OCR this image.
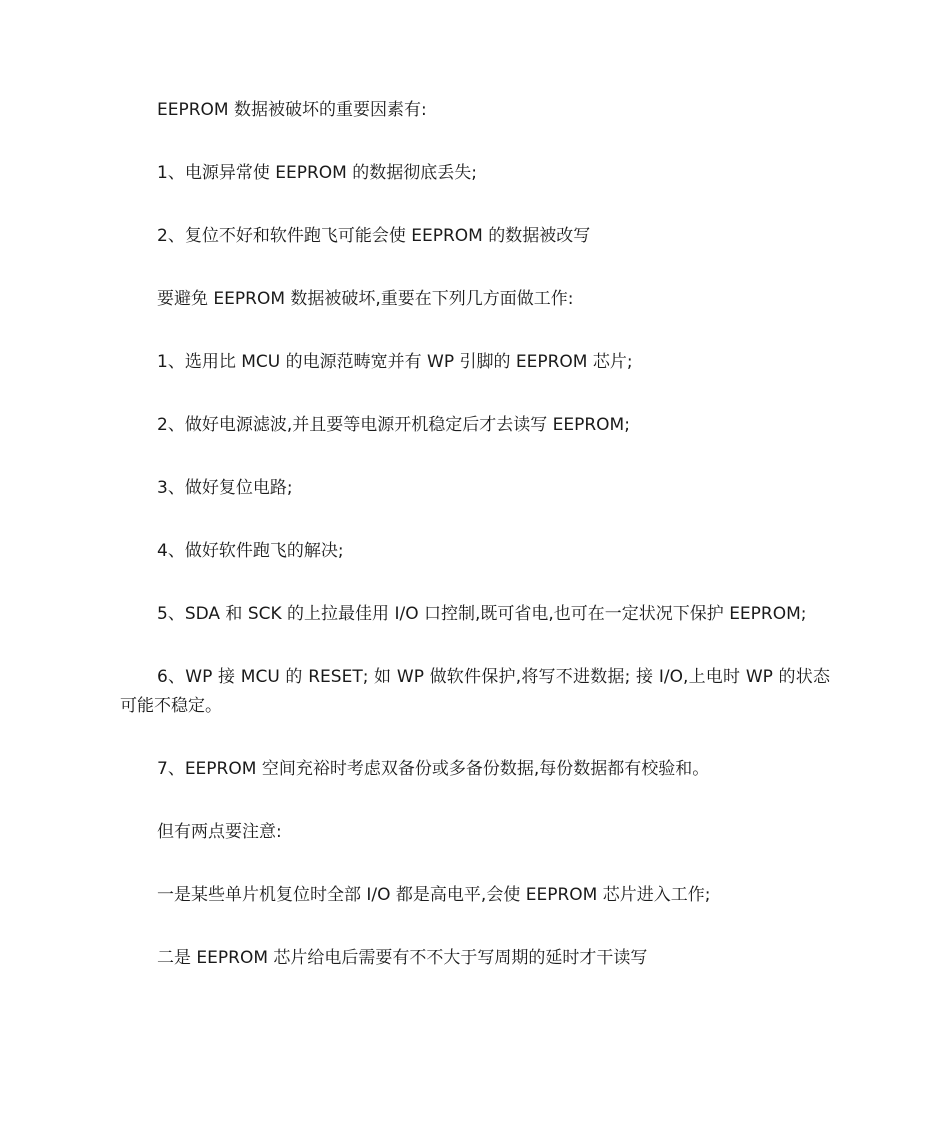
EEPROM 数据被破坏的重要因素有:

1、电源异常使 EEPROM 的数据彻底丢失;

2、复位不好和软件跑飞可能会使 EEPROM 的数据被改写

要避免 EEPROM 数据被破坏,重要在下列几方面做工作:

1、选用比 MCU 的电源范畴宽并有 WP 引脚的 EEPROM 芯片;

2、做好电源滤波,并且要等电源开机稳定后才去读写 EEPROM;

3、做好复位电路;

4、做好软件跑飞的解决;

5、SDA 和 SCK 的上拉最佳用 I/O 口控制,既可省电,也可在一定状况下保护 EEPROM;

6、WP 接 MCU 的 RESET; 如 WP 做软件保护,将写不进数据; 接 I/O,上电时 WP 的状态可能不稳定。

7、EEPROM 空间充裕时考虑双备份或多备份数据,每份数据都有校验和。

但有两点要注意:

一是某些单片机复位时全部 I/O 都是高电平,会使 EEPROM 芯片进入工作;

二是 EEPROM 芯片给电后需要有不不大于写周期的延时才干读写
